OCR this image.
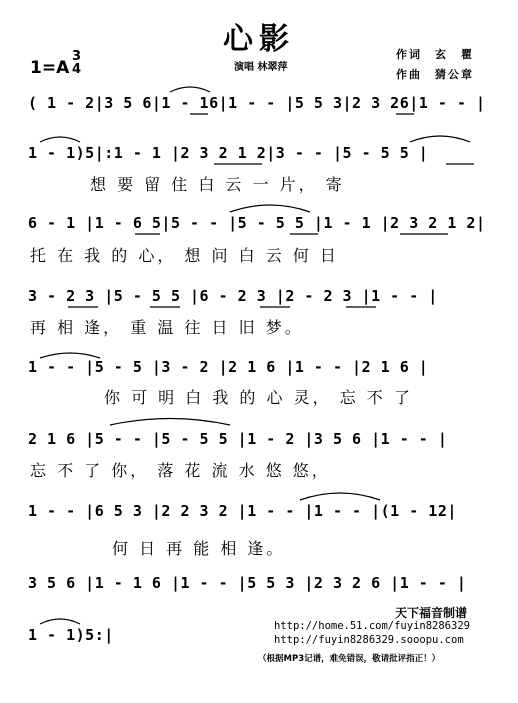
心影
1=A
3
4	演唱 林翠萍
作词　玄　瞿
作曲　猜公章
( 1 - 2|3 5 6|1 - 16|1 - - |5 5 3|2 3 26|1 - - |
1 - 1)5|:1 - 1 |2 3 2 1 2|3 - - |5 - 5 5 |
想 要 留 住 白 云 一 片， 寄
6 - 1 |1 - 6 5|5 - - |5 - 5 5 |1 - 1 |2 3 2 1 2|
托 在 我 的 心， 想 问 白 云 何 日
3 - 2 3 |5 - 5 5 |6 - 2 3 |2 - 2 3 |1 - - |
再 相 逢， 重 温 往 日 旧 梦。
1 - - |5 - 5 |3 - 2 |2 1 6 |1 - - |2 1 6 |
你 可 明 白 我 的 心 灵， 忘 不 了
2 1 6 |5 - - |5 - 5 5 |1 - 2 |3 5 6 |1 - - |
忘 不 了 你， 落 花 流 水 悠 悠，
1 - - |6 5 3 |2 2 3 2 |1 - - |1 - - |(1 - 12|
何 日 再 能 相 逢。
3 5 6 |1 - 1 6 |1 - - |5 5 3 |2 3 2 6 |1 - - |
1 - 1)5:|
天下福音制谱
http://home.51.com/fuyin8286329
http://fuyin8286329.sooopu.com
（根据MP3记谱，难免错误，敬请批评指正！）
